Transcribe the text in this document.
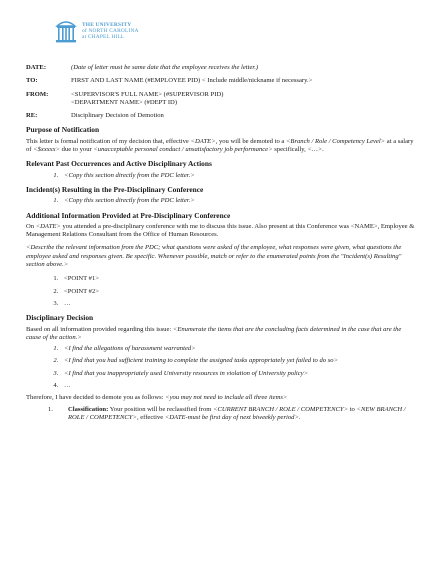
THE UNIVERSITY
of NORTH CAROLINA
at CHAPEL HILL
DATE:	(Date of letter must be same date that the employee receives the letter.)
TO:	FIRST AND LAST NAME (#EMPLOYEE PID) < Include middle/nickname if necessary.>
FROM:	<SUPERVISOR'S FULL NAME> (#SUPERVISOR PID)
<DEPARTMENT NAME> (#DEPT ID)
RE:	Disciplinary Decision of Demotion
Purpose of Notification
This letter is formal notification of my decision that, effective <DATE>, you will be demoted to a <Branch / Role / Competency Level> at a salary of <$xxxxx> due to your <unacceptable personal conduct / unsatisfactory job performance> specifically, <…>.
Relevant Past Occurrences and Active Disciplinary Actions
1. <Copy this section directly from the PDC letter.>
Incident(s) Resulting in the Pre-Disciplinary Conference
1. <Copy this section directly from the PDC letter.>
Additional Information Provided at Pre-Disciplinary Conference
On <DATE> you attended a pre-disciplinary conference with me to discuss this issue. Also present at this Conference was <NAME>, Employee & Management Relations Consultant from the Office of Human Resources.
<Describe the relevant information from the PDC; what questions were asked of the employee, what responses were given, what questions the employee asked and responses given. Be specific. Whenever possible, match or refer to the enumerated points from the "Incident(s) Resulting" section above.>
1. <POINT #1>
2. <POINT #2>
3. …
Disciplinary Decision
Based on all information provided regarding this issue: <Enumerate the items that are the concluding facts determined in the case that are the cause of the action.>
1. <I find the allegations of harassment warranted>
2. <I find that you had sufficient training to complete the assigned tasks appropriately yet failed to do so>
3. <I find that you inappropriately used University resources in violation of University policy>
4. …
Therefore, I have decided to demote you as follows: <you may not need to include all three items>
1.	Classification: Your position will be reclassified from <CURRENT BRANCH / ROLE / COMPETENCY> to <NEW BRANCH / ROLE / COMPETENCY>, effective <DATE-must be first day of next biweekly period>.
